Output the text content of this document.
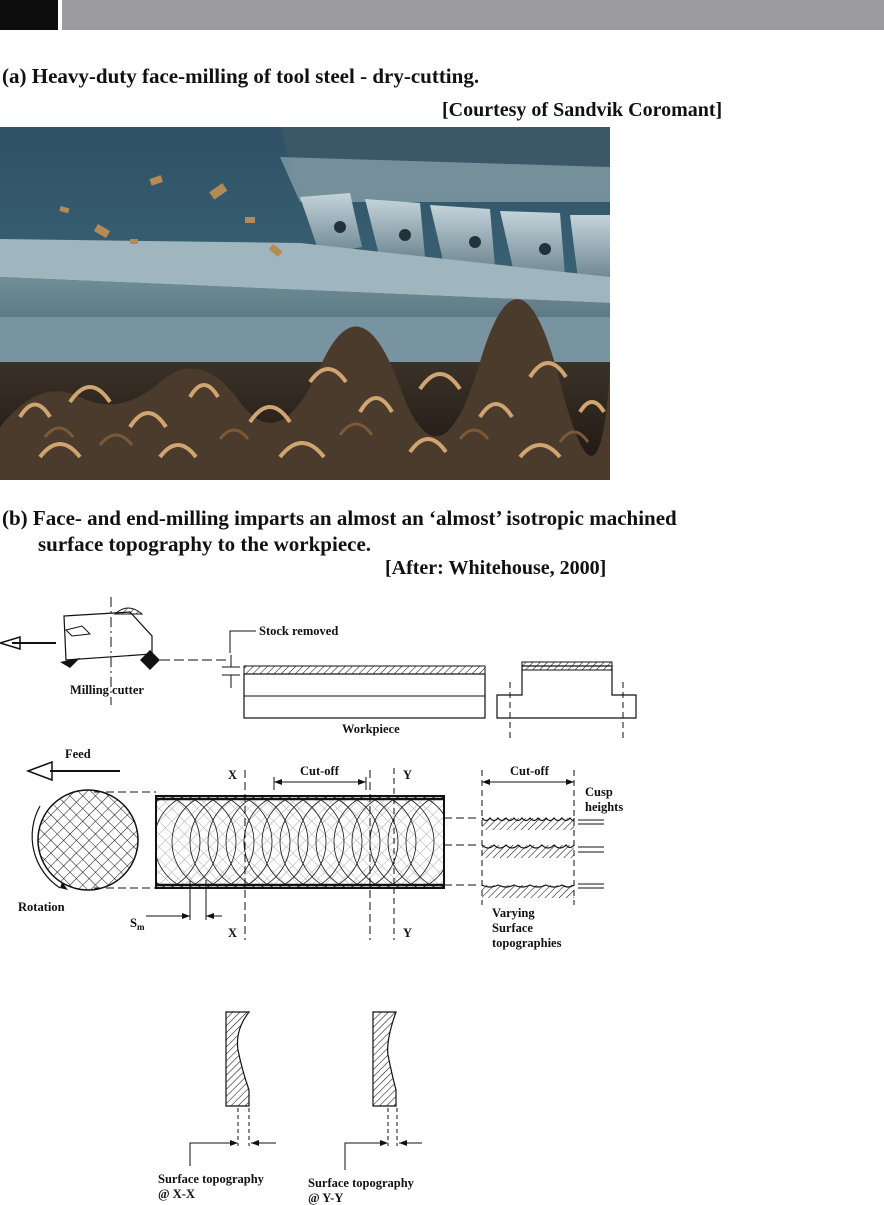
(a) Heavy-duty face-milling of tool steel - dry-cutting.
[Courtesy of Sandvik Coromant]
(b) Face- and end-milling imparts an almost an ‘almost’ isotropic machined
surface topography to the workpiece.
[After: Whitehouse, 2000]
Milling cutter
Stock removed
Workpiece
Feed
Rotation
X
X
Y
Y
Cut-off
$S_m$
Cut-off
Cusp
heights
Varying
Surface
topographies
Surface topography
@ X-X
Surface topography
@ Y-Y
